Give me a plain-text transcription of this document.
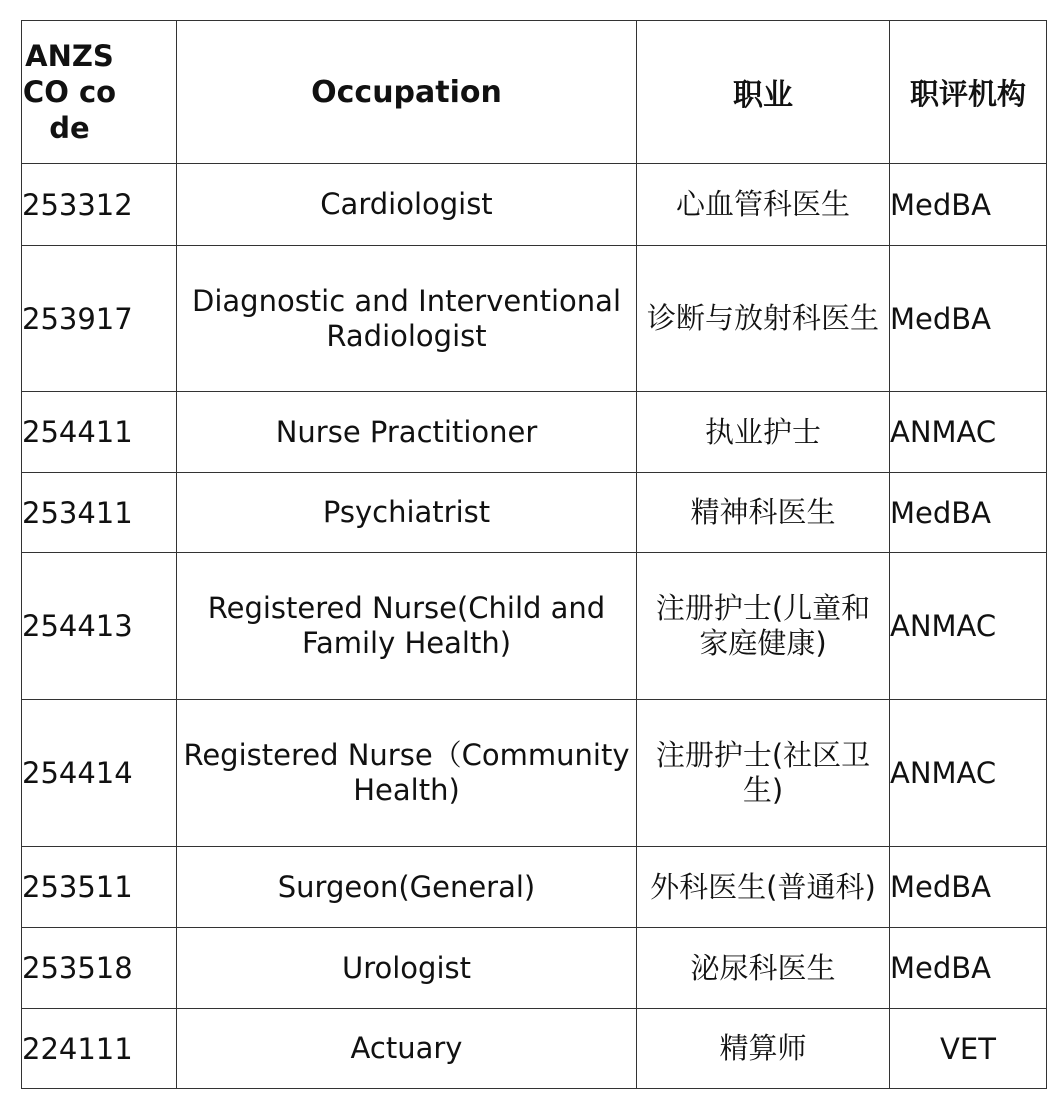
ANZSCO code	Occupation	职业	职评机构
253312	Cardiologist	心血管科医生	MedBA
253917	Diagnostic and Interventional Radiologist	诊断与放射科医生	MedBA
254411	Nurse Practitioner	执业护士	ANMAC
253411	Psychiatrist	精神科医生	MedBA
254413	Registered Nurse(Child and Family Health)	注册护士(儿童和家庭健康)	ANMAC
254414	Registered Nurse（Community Health)	注册护士(社区卫生)	ANMAC
253511	Surgeon(General)	外科医生(普通科)	MedBA
253518	Urologist	泌尿科医生	MedBA
224111	Actuary	精算师	VET
